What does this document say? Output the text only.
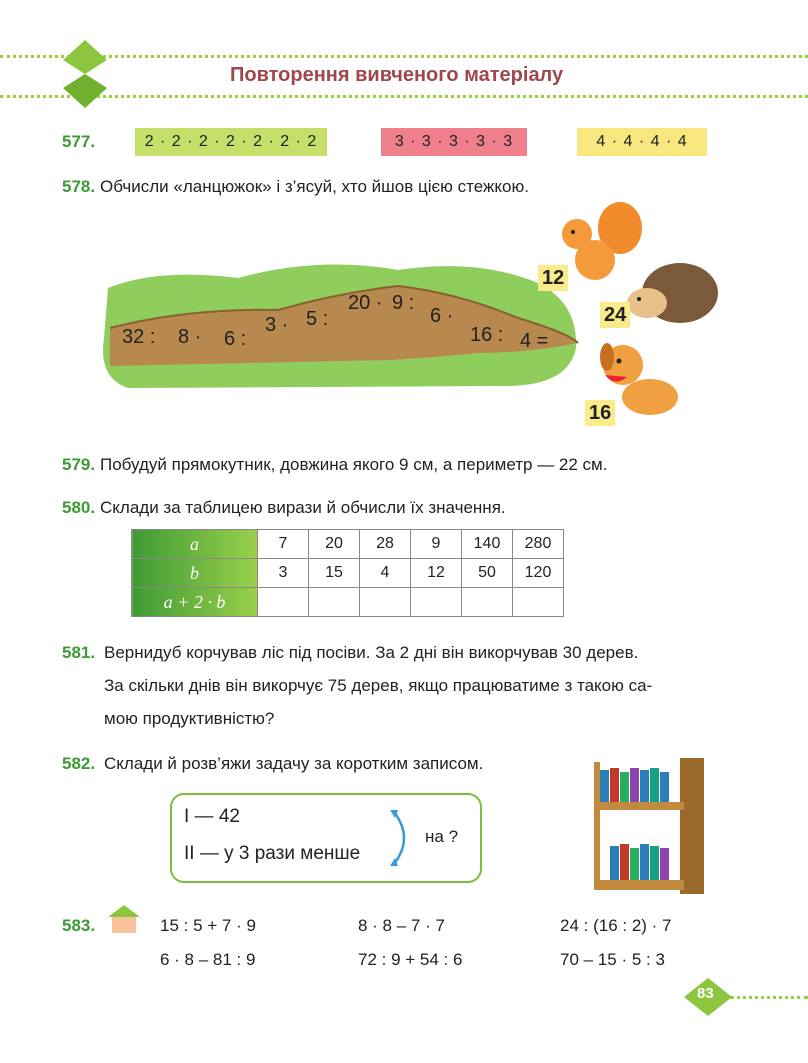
Повторення вивченого матеріалу
577.	2 · 2 · 2 · 2 · 2 · 2 · 2	3 · 3 · 3 · 3 · 3	4 · 4 · 4 · 4
578. Обчисли «ланцюжок» і з’ясуй, хто йшов цією стежкою.
32 : 8 · 6 :
3 · 5 :
20 · 9 :
6 ·
16 : 4 =
12
24
16
579. Побудуй прямокутник, довжина якого 9 см, а периметр — 22 см.
580. Склади за таблицею вирази й обчисли їх значення.
a	7	20	28	9	140	280
b	3	15	4	12	50	120
a + 2 · b						
581. Вернидуб корчував ліс під посіви. За 2 дні він викорчував 30 дерев.
За скільки днів він викорчує 75 дерев, якщо працюватиме з такою са-
мою продуктивністю?
582. Склади й розв’яжи задачу за коротким записом.
I — 42
II — у 3 рази менше
на ?
583.	15 : 5 + 7 · 9	8 · 8 – 7 · 7	24 : (16 : 2) · 7
6 · 8 – 81 : 9	72 : 9 + 54 : 6	70 – 15 · 5 : 3
83
